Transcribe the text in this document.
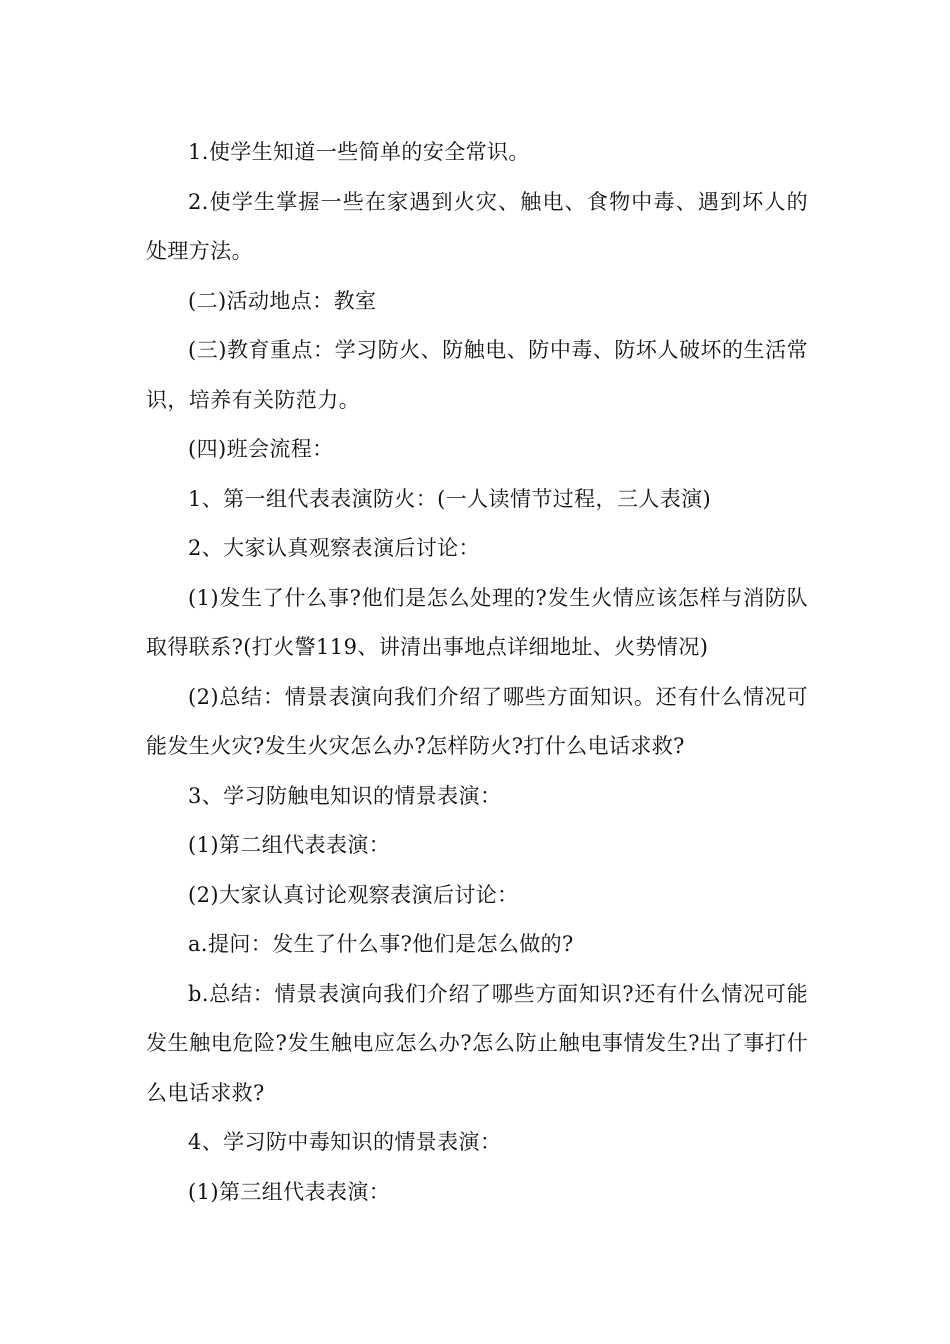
1.使学生知道一些简单的安全常识。

2.使学生掌握一些在家遇到火灾、触电、食物中毒、遇到坏人的处理方法。

(二)活动地点：教室

(三)教育重点：学习防火、防触电、防中毒、防坏人破坏的生活常识，培养有关防范力。

(四)班会流程：

1、第一组代表表演防火：(一人读情节过程，三人表演)

2、大家认真观察表演后讨论：

(1)发生了什么事?他们是怎么处理的?发生火情应该怎样与消防队取得联系?(打火警119、讲清出事地点详细地址、火势情况)

(2)总结：情景表演向我们介绍了哪些方面知识。还有什么情况可能发生火灾?发生火灾怎么办?怎样防火?打什么电话求救?

3、学习防触电知识的情景表演：

(1)第二组代表表演：

(2)大家认真讨论观察表演后讨论：

a.提问：发生了什么事?他们是怎么做的?

b.总结：情景表演向我们介绍了哪些方面知识?还有什么情况可能发生触电危险?发生触电应怎么办?怎么防止触电事情发生?出了事打什么电话求救?

4、学习防中毒知识的情景表演：

(1)第三组代表表演：
